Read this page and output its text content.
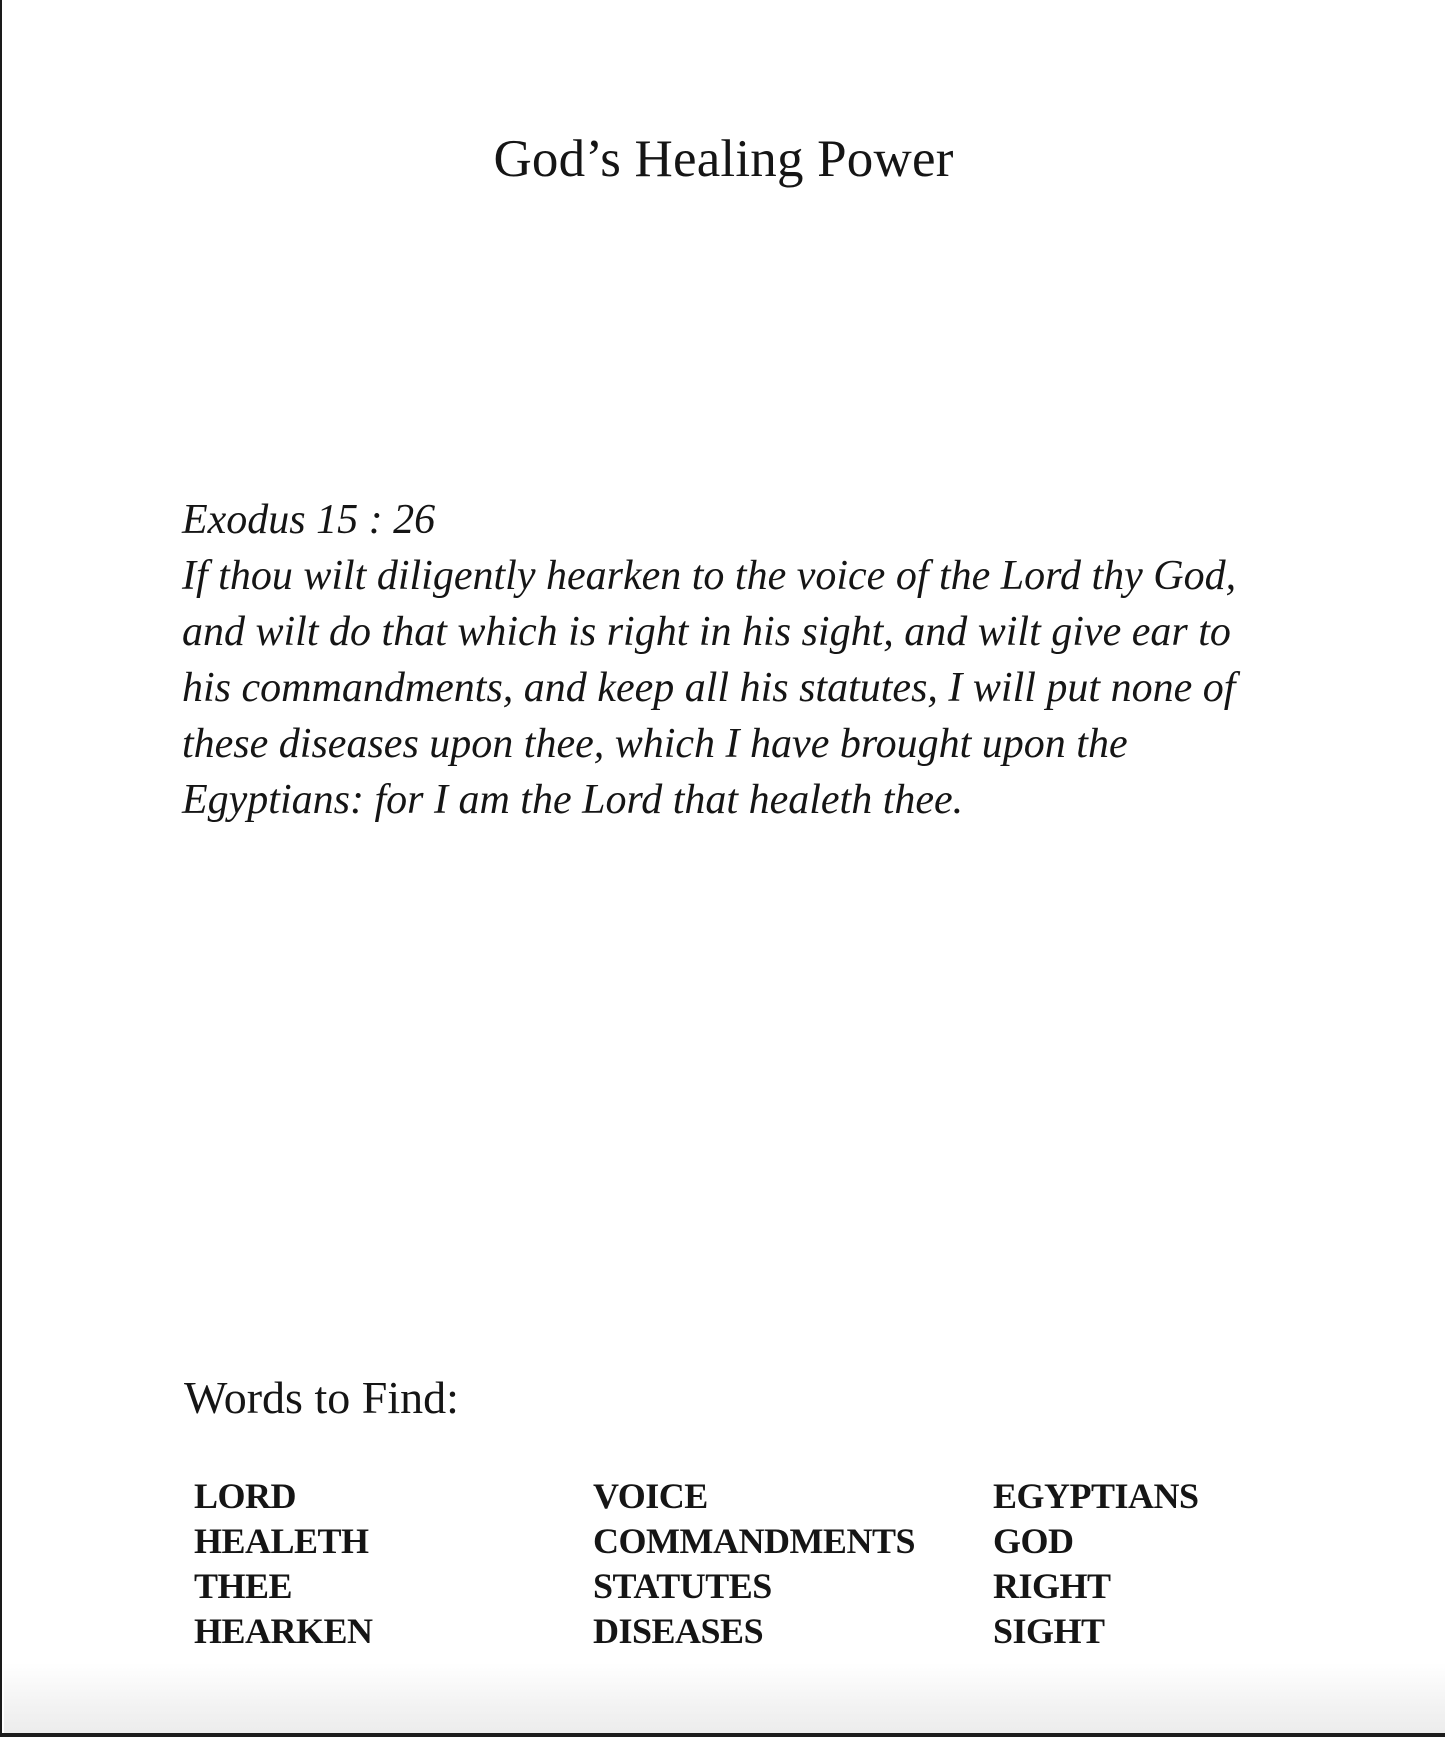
God’s Healing Power
Exodus 15 : 26
If thou wilt diligently hearken to the voice of the Lord thy God, and wilt do that which is right in his sight, and wilt give ear to his commandments, and keep all his statutes, I will put none of these diseases upon thee, which I have brought upon the Egyptians: for I am the Lord that healeth thee.
Words to Find:
LORD
HEALETH
THEE
HEARKEN
VOICE
COMMANDMENTS
STATUTES
DISEASES
EGYPTIANS
GOD
RIGHT
SIGHT
